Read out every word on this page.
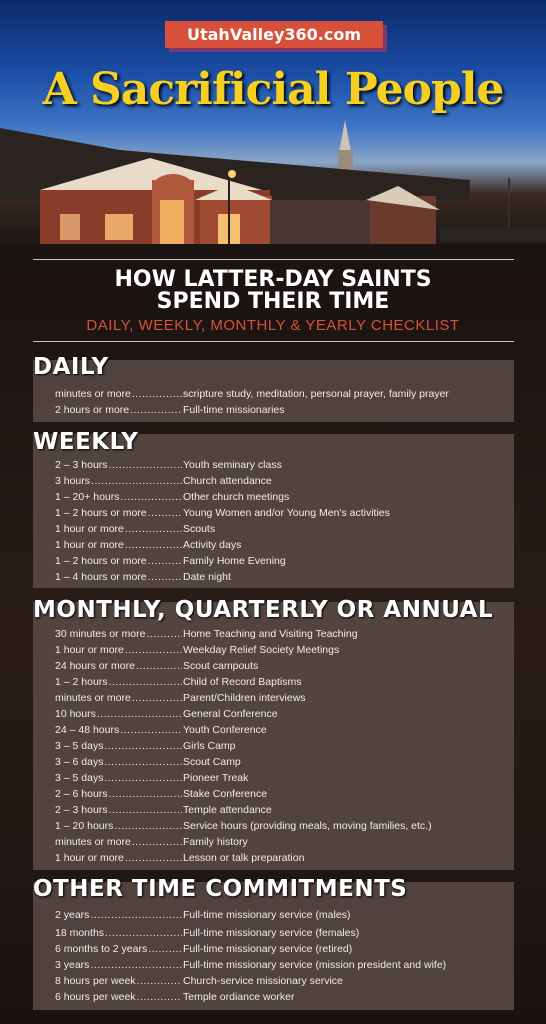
UtahValley360.com
A Sacrificial People
HOW LATTER-DAY SAINTS
SPEND THEIR TIME
DAILY, WEEKLY, MONTHLY & YEARLY CHECKLIST
DAILY
minutes or more .....	scripture study, meditation, personal prayer, family prayer
2 hours or more .....	Full-time missionaries
WEEKLY
2 – 3 hours .....	Youth seminary class
3 hours .....	Church attendance
1 – 20+ hours .....	Other church meetings
1 – 2 hours or more .....	Young Women and/or Young Men's activities
1 hour or more .....	Scouts
1 hour or more .....	Activity days
1 – 2 hours or more .....	Family Home Evening
1 – 4 hours or more .....	Date night
MONTHLY, QUARTERLY OR ANNUAL
30 minutes or more .....	Home Teaching and Visiting Teaching
1 hour or more .....	Weekday Relief Society Meetings
24 hours or more .....	Scout campouts
1 – 2 hours .....	Child of Record Baptisms
minutes or more .....	Parent/Children interviews
10 hours .....	General Conference
24 – 48 hours .....	Youth Conference
3 – 5 days .....	Girls Camp
3 – 6 days .....	Scout Camp
3 – 5 days .....	Pioneer Treak
2 – 6 hours .....	Stake Conference
2 – 3 hours .....	Temple attendance
1 – 20 hours .....	Service hours (providing meals, moving families, etc.)
minutes or more .....	Family history
1 hour or more .....	Lesson or talk preparation
OTHER TIME COMMITMENTS
2 years .....	Full-time missionary service (males)
18 months .....	Full-time missionary service (females)
6 months to 2 years .....	Full-time missionary service (retired)
3 years .....	Full-time missionary service (mission president and wife)
8 hours per week .....	Church-service missionary service
6 hours per week .....	Temple ordiance worker
